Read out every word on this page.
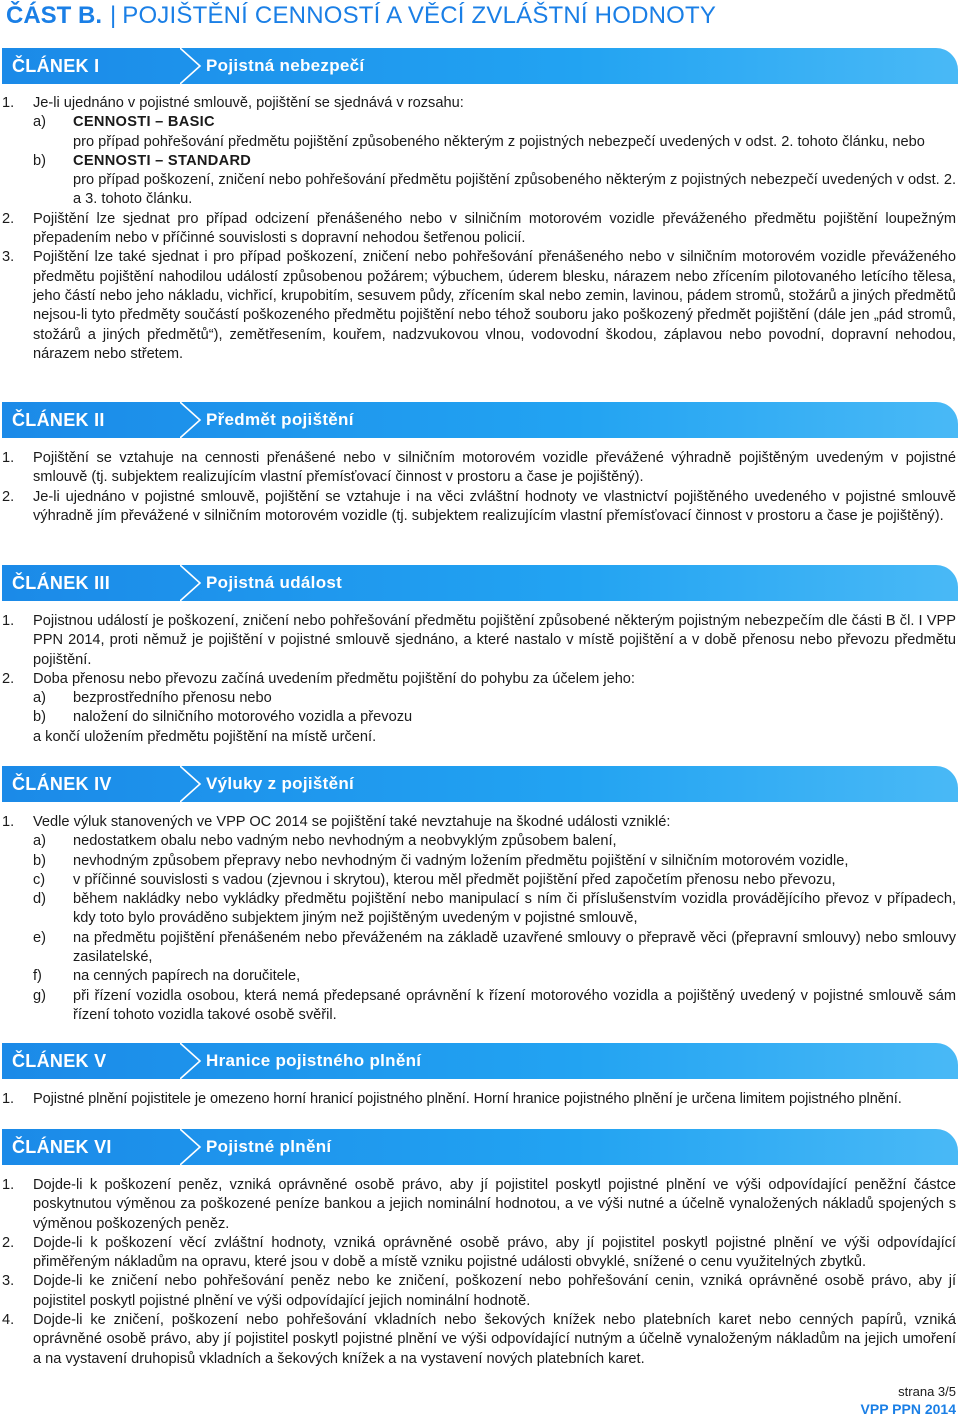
ČÁST B. | POJIŠTĚNÍ CENNOSTÍ A VĚCÍ ZVLÁŠTNÍ HODNOTY
ČLÁNEK I	Pojistná nebezpečí
1. Je-li ujednáno v pojistné smlouvě, pojištění se sjednává v rozsahu:
a) CENNOSTI – BASIC
pro případ pohřešování předmětu pojištění způsobeného některým z pojistných nebezpečí uvedených v odst. 2. tohoto článku, nebo
b) CENNOSTI – STANDARD
pro případ poškození, zničení nebo pohřešování předmětu pojištění způsobeného některým z pojistných nebezpečí uvedených v odst. 2. a 3. tohoto článku.
2. Pojištění lze sjednat pro případ odcizení přenášeného nebo v silničním motorovém vozidle převáženého předmětu pojištění loupežným přepadením nebo v příčinné souvislosti s dopravní nehodou šetřenou policií.
3. Pojištění lze také sjednat i pro případ poškození, zničení nebo pohřešování přenášeného nebo v silničním motorovém vozidle převáženého předmětu pojištění nahodilou událostí způsobenou požárem; výbuchem, úderem blesku, nárazem nebo zřícením pilotovaného letícího tělesa, jeho částí nebo jeho nákladu, vichřicí, krupobitím, sesuvem půdy, zřícením skal nebo zemin, lavinou, pádem stromů, stožárů a jiných předmětů nejsou-li tyto předměty součástí poškozeného předmětu pojištění nebo téhož souboru jako poškozený předmět pojištění (dále jen „pád stromů, stožárů a jiných předmětů“), zemětřesením, kouřem, nadzvukovou vlnou, vodovodní škodou, záplavou nebo povodní, dopravní nehodou, nárazem nebo střetem.
ČLÁNEK II	Předmět pojištění
1. Pojištění se vztahuje na cennosti přenášené nebo v silničním motorovém vozidle převážené výhradně pojištěným uvedeným v pojistné smlouvě (tj. subjektem realizujícím vlastní přemísťovací činnost v prostoru a čase je pojištěný).
2. Je-li ujednáno v pojistné smlouvě, pojištění se vztahuje i na věci zvláštní hodnoty ve vlastnictví pojištěného uvedeného v pojistné smlouvě výhradně jím převážené v silničním motorovém vozidle (tj. subjektem realizujícím vlastní přemísťovací činnost v prostoru a čase je pojištěný).
ČLÁNEK III	Pojistná událost
1. Pojistnou událostí je poškození, zničení nebo pohřešování předmětu pojištění způsobené některým pojistným nebezpečím dle části B čl. I VPP PPN 2014, proti němuž je pojištění v pojistné smlouvě sjednáno, a které nastalo v místě pojištění a v době přenosu nebo převozu předmětu pojištění.
2. Doba přenosu nebo převozu začíná uvedením předmětu pojištění do pohybu za účelem jeho:
a) bezprostředního přenosu nebo
b) naložení do silničního motorového vozidla a převozu
a končí uložením předmětu pojištění na místě určení.
ČLÁNEK IV	Výluky z pojištění
1. Vedle výluk stanovených ve VPP OC 2014 se pojištění také nevztahuje na škodné události vzniklé:
a) nedostatkem obalu nebo vadným nebo nevhodným a neobvyklým způsobem balení,
b) nevhodným způsobem přepravy nebo nevhodným či vadným ložením předmětu pojištění v silničním motorovém vozidle,
c) v příčinné souvislosti s vadou (zjevnou i skrytou), kterou měl předmět pojištění před započetím přenosu nebo převozu,
d) během nakládky nebo vykládky předmětu pojištění nebo manipulací s ním či příslušenstvím vozidla provádějícího převoz v případech, kdy toto bylo prováděno subjektem jiným než pojištěným uvedeným v pojistné smlouvě,
e) na předmětu pojištění přenášeném nebo převáženém na základě uzavřené smlouvy o přepravě věci (přepravní smlouvy) nebo smlouvy zasilatelské,
f) na cenných papírech na doručitele,
g) při řízení vozidla osobou, která nemá předepsané oprávnění k řízení motorového vozidla a pojištěný uvedený v pojistné smlouvě sám řízení tohoto vozidla takové osobě svěřil.
ČLÁNEK V	Hranice pojistného plnění
1. Pojistné plnění pojistitele je omezeno horní hranicí pojistného plnění. Horní hranice pojistného plnění je určena limitem pojistného plnění.
ČLÁNEK VI	Pojistné plnění
1. Dojde-li k poškození peněz, vzniká oprávněné osobě právo, aby jí pojistitel poskytl pojistné plnění ve výši odpovídající peněžní částce poskytnutou výměnou za poškozené peníze bankou a jejich nominální hodnotou, a ve výši nutné a účelně vynaložených nákladů spojených s výměnou poškozených peněz.
2. Dojde-li k poškození věcí zvláštní hodnoty, vzniká oprávněné osobě právo, aby jí pojistitel poskytl pojistné plnění ve výši odpovídající přiměřeným nákladům na opravu, které jsou v době a místě vzniku pojistné události obvyklé, snížené o cenu využitelných zbytků.
3. Dojde-li ke zničení nebo pohřešování peněz nebo ke zničení, poškození nebo pohřešování cenin, vzniká oprávněné osobě právo, aby jí pojistitel poskytl pojistné plnění ve výši odpovídající jejich nominální hodnotě.
4. Dojde-li ke zničení, poškození nebo pohřešování vkladních nebo šekových knížek nebo platebních karet nebo cenných papírů, vzniká oprávněné osobě právo, aby jí pojistitel poskytl pojistné plnění ve výši odpovídající nutným a účelně vynaloženým nákladům na jejich umoření a na vystavení druhopisů vkladních a šekových knížek a na vystavení nových platebních karet.
strana 3/5
VPP PPN 2014
